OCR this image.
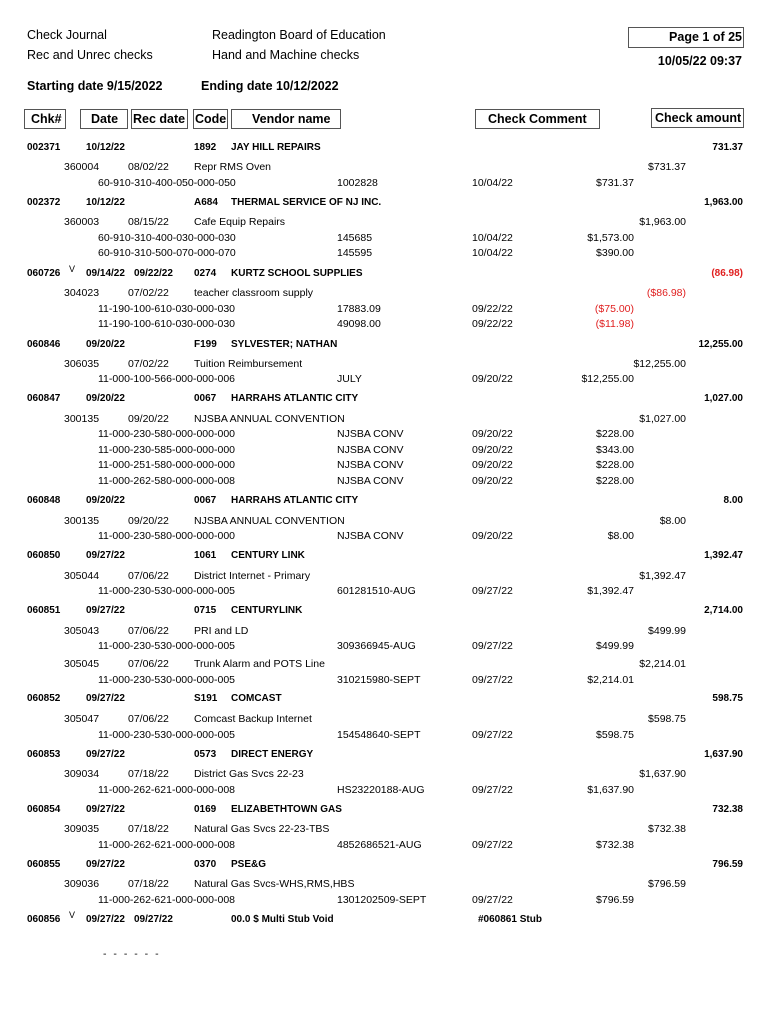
Check Journal
Rec and Unrec checks
Readington Board of Education
Hand and Machine checks
Page 1 of 25
10/05/22 09:37
Starting date 9/15/2022	Ending date 10/12/2022
Chk# Date Rec date Code Vendor name	Check Comment	Check amount
002371	10/12/22	1892 JAY HILL REPAIRS	731.37
360004	08/02/22 Repr RMS Oven	$731.37
60-910-310-400-050-000-050	1002828	10/04/22	$731.37
002372	10/12/22	A684 THERMAL SERVICE OF NJ INC.	1,963.00
360003	08/15/22 Cafe Equip Repairs	$1,963.00
60-910-310-400-030-000-030	145685	10/04/22	$1,573.00
60-910-310-500-070-000-070	145595	10/04/22	$390.00
060726 V 09/14/22 09/22/22 0274 KURTZ SCHOOL SUPPLIES	(86.98)
304023	07/02/22 teacher classroom supply	($86.98)
11-190-100-610-030-000-030	17883.09	09/22/22	($75.00)
11-190-100-610-030-000-030	49098.00	09/22/22	($11.98)
060846	09/20/22	F199 SYLVESTER; NATHAN	12,255.00
306035	07/02/22 Tuition Reimbursement	$12,255.00
11-000-100-566-000-000-006	JULY	09/20/22	$12,255.00
060847	09/20/22	0067 HARRAHS ATLANTIC CITY	1,027.00
300135	09/20/22 NJSBA ANNUAL CONVENTION	$1,027.00
11-000-230-580-000-000-000	NJSBA CONV	09/20/22	$228.00
11-000-230-585-000-000-000	NJSBA CONV	09/20/22	$343.00
11-000-251-580-000-000-000	NJSBA CONV	09/20/22	$228.00
11-000-262-580-000-000-008	NJSBA CONV	09/20/22	$228.00
060848	09/20/22	0067 HARRAHS ATLANTIC CITY	8.00
300135	09/20/22 NJSBA ANNUAL CONVENTION	$8.00
11-000-230-580-000-000-000	NJSBA CONV	09/20/22	$8.00
060850	09/27/22	1061 CENTURY LINK	1,392.47
305044	07/06/22 District Internet - Primary	$1,392.47
11-000-230-530-000-000-005	601281510-AUG	09/27/22	$1,392.47
060851	09/27/22	0715 CENTURYLINK	2,714.00
305043	07/06/22 PRI and LD	$499.99
11-000-230-530-000-000-005	309366945-AUG	09/27/22	$499.99
305045	07/06/22 Trunk Alarm and POTS Line	$2,214.01
11-000-230-530-000-000-005	310215980-SEPT	09/27/22	$2,214.01
060852	09/27/22	S191 COMCAST	598.75
305047	07/06/22 Comcast Backup Internet	$598.75
11-000-230-530-000-000-005	154548640-SEPT	09/27/22	$598.75
060853	09/27/22	0573 DIRECT ENERGY	1,637.90
309034	07/18/22 District Gas Svcs 22-23	$1,637.90
11-000-262-621-000-000-008	HS23220188-AUG	09/27/22	$1,637.90
060854	09/27/22	0169 ELIZABETHTOWN GAS	732.38
309035	07/18/22 Natural Gas Svcs 22-23-TBS	$732.38
11-000-262-621-000-000-008	4852686521-AUG	09/27/22	$732.38
060855	09/27/22	0370 PSE&G	796.59
309036	07/18/22 Natural Gas Svcs-WHS,RMS,HBS	$796.59
11-000-262-621-000-000-008	1301202509-SEPT	09/27/22	$796.59
060856 V 09/27/22 09/27/22	00.0 $ Multi Stub Void	#060861 Stub
- - - - - -
